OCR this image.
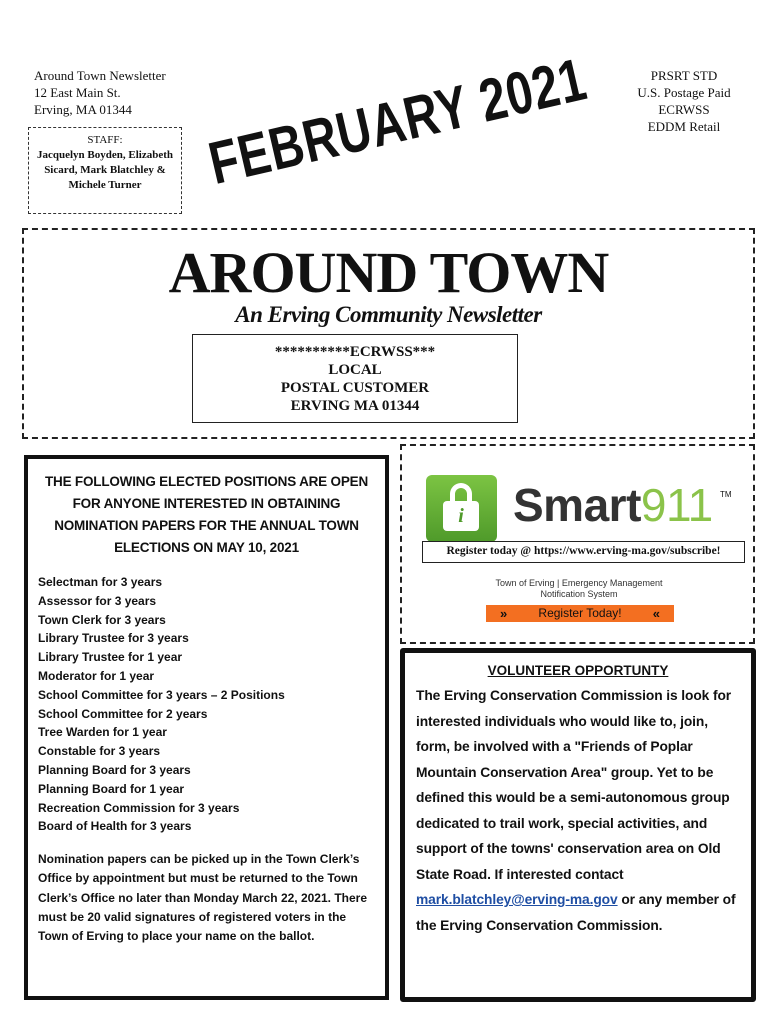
Around Town Newsletter
12 East Main St.
Erving, MA 01344
STAFF:
Jacquelyn Boyden, Elizabeth Sicard, Mark Blatchley & Michele Turner
PRSRT STD
U.S. Postage Paid
ECRWSS
EDDM Retail
FEBRUARY 2021
AROUND TOWN
An Erving Community Newsletter
**********ECRWSS***
LOCAL
POSTAL CUSTOMER
ERVING MA 01344
THE FOLLOWING ELECTED POSITIONS ARE OPEN FOR ANYONE INTERESTED IN OBTAINING NOMINATION PAPERS FOR THE ANNUAL TOWN ELECTIONS ON MAY 10, 2021
Selectman for 3 years
Assessor for 3 years
Town Clerk for 3 years
Library Trustee for 3 years
Library Trustee for 1 year
Moderator for 1 year
School Committee for 3 years – 2 Positions
School Committee for 2 years
Tree Warden for 1 year
Constable for 3 years
Planning Board for 3 years
Planning Board for 1 year
Recreation Commission for 3 years
Board of Health for 3 years
Nomination papers can be picked up in the Town Clerk’s Office by appointment but must be returned to the Town Clerk’s Office no later than Monday March 22, 2021. There must be 20 valid signatures of registered voters in the Town of Erving to place your name on the ballot.
i	Smart911 TM
Register today @ https://www.erving-ma.gov/subscribe!
Town of Erving | Emergency Management
Notification System
»	Register Today! «
VOLUNTEER OPPORTUNTY
The Erving Conservation Commission is look for interested individuals who would like to, join, form, be involved with a "Friends of Poplar Mountain Conservation Area" group. Yet to be defined this would be a semi-autonomous group dedicated to trail work, special activities, and support of the towns' conservation area on Old State Road. If interested contact mark.blatchley@erving-ma.gov or any member of the Erving Conservation Commission.
